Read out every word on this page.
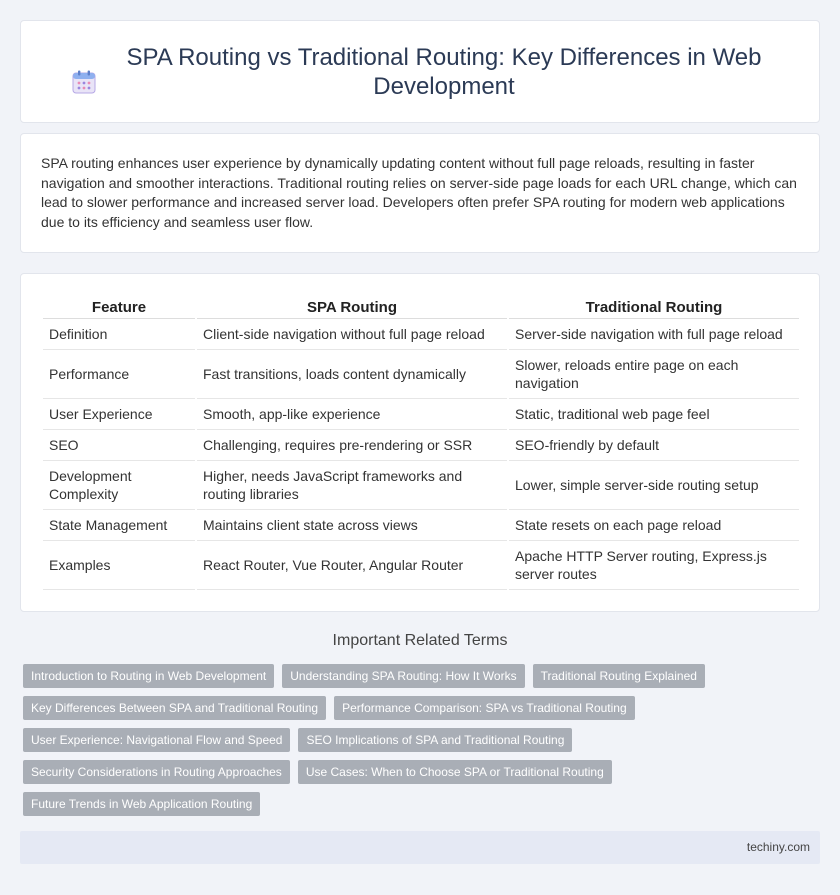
SPA Routing vs Traditional Routing: Key Differences in Web Development

SPA routing enhances user experience by dynamically updating content without full page reloads, resulting in faster navigation and smoother interactions. Traditional routing relies on server-side page loads for each URL change, which can lead to slower performance and increased server load. Developers often prefer SPA routing for modern web applications due to its efficiency and seamless user flow.

Feature		SPA Routing		Traditional Routing
Definition		Client-side navigation without full page reload		Server-side navigation with full page reload
Performance		Fast transitions, loads content dynamically		Slower, reloads entire page on each navigation
User Experience		Smooth, app-like experience		Static, traditional web page feel
SEO		Challenging, requires pre-rendering or SSR		SEO-friendly by default
Development Complexity		Higher, needs JavaScript frameworks and routing libraries		Lower, simple server-side routing setup
State Management		Maintains client state across views		State resets on each page reload
Examples		React Router, Vue Router, Angular Router		Apache HTTP Server routing, Express.js server routes
Important Related Terms
Introduction to Routing in Web Development	Understanding SPA Routing: How It Works	Traditional Routing Explained
Key Differences Between SPA and Traditional Routing	Performance Comparison: SPA vs Traditional Routing
User Experience: Navigational Flow and Speed	SEO Implications of SPA and Traditional Routing
Security Considerations in Routing Approaches	Use Cases: When to Choose SPA or Traditional Routing
Future Trends in Web Application Routing
techiny.com
